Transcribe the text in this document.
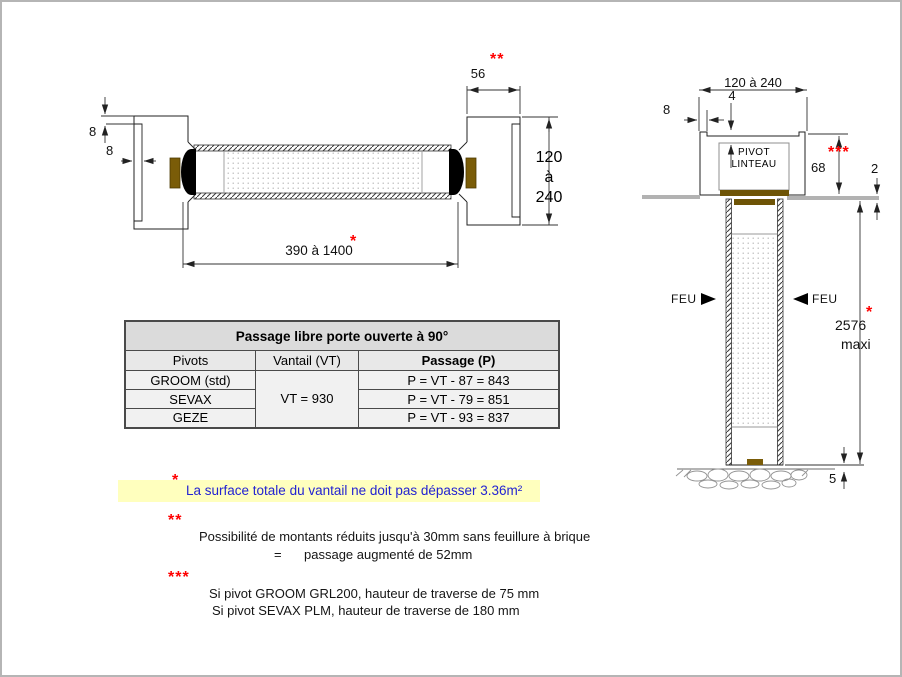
8
8
56
**
390 à 1400
*
120
à
240
120 à 240
4
8
68
***
2
2576
*
maxi
5
FEU	FEU
PIVOT
LINTEAU
Passage libre porte ouverte à 90°		
Pivots	Vantail (VT)	Passage (P)
GROOM (std)	VT = 930	P = VT - 87 = 843
SEVAX		P = VT - 79 = 851
GEZE		P = VT - 93 = 837
*
La surface totale du vantail ne doit pas dépasser 3.36m²
**
Possibilité de montants réduits jusqu'à 30mm sans feuillure à brique
= passage augmenté de 52mm
***
Si pivot GROOM GRL200, hauteur de traverse de 75 mm
Si pivot SEVAX PLM, hauteur de traverse de 180 mm
